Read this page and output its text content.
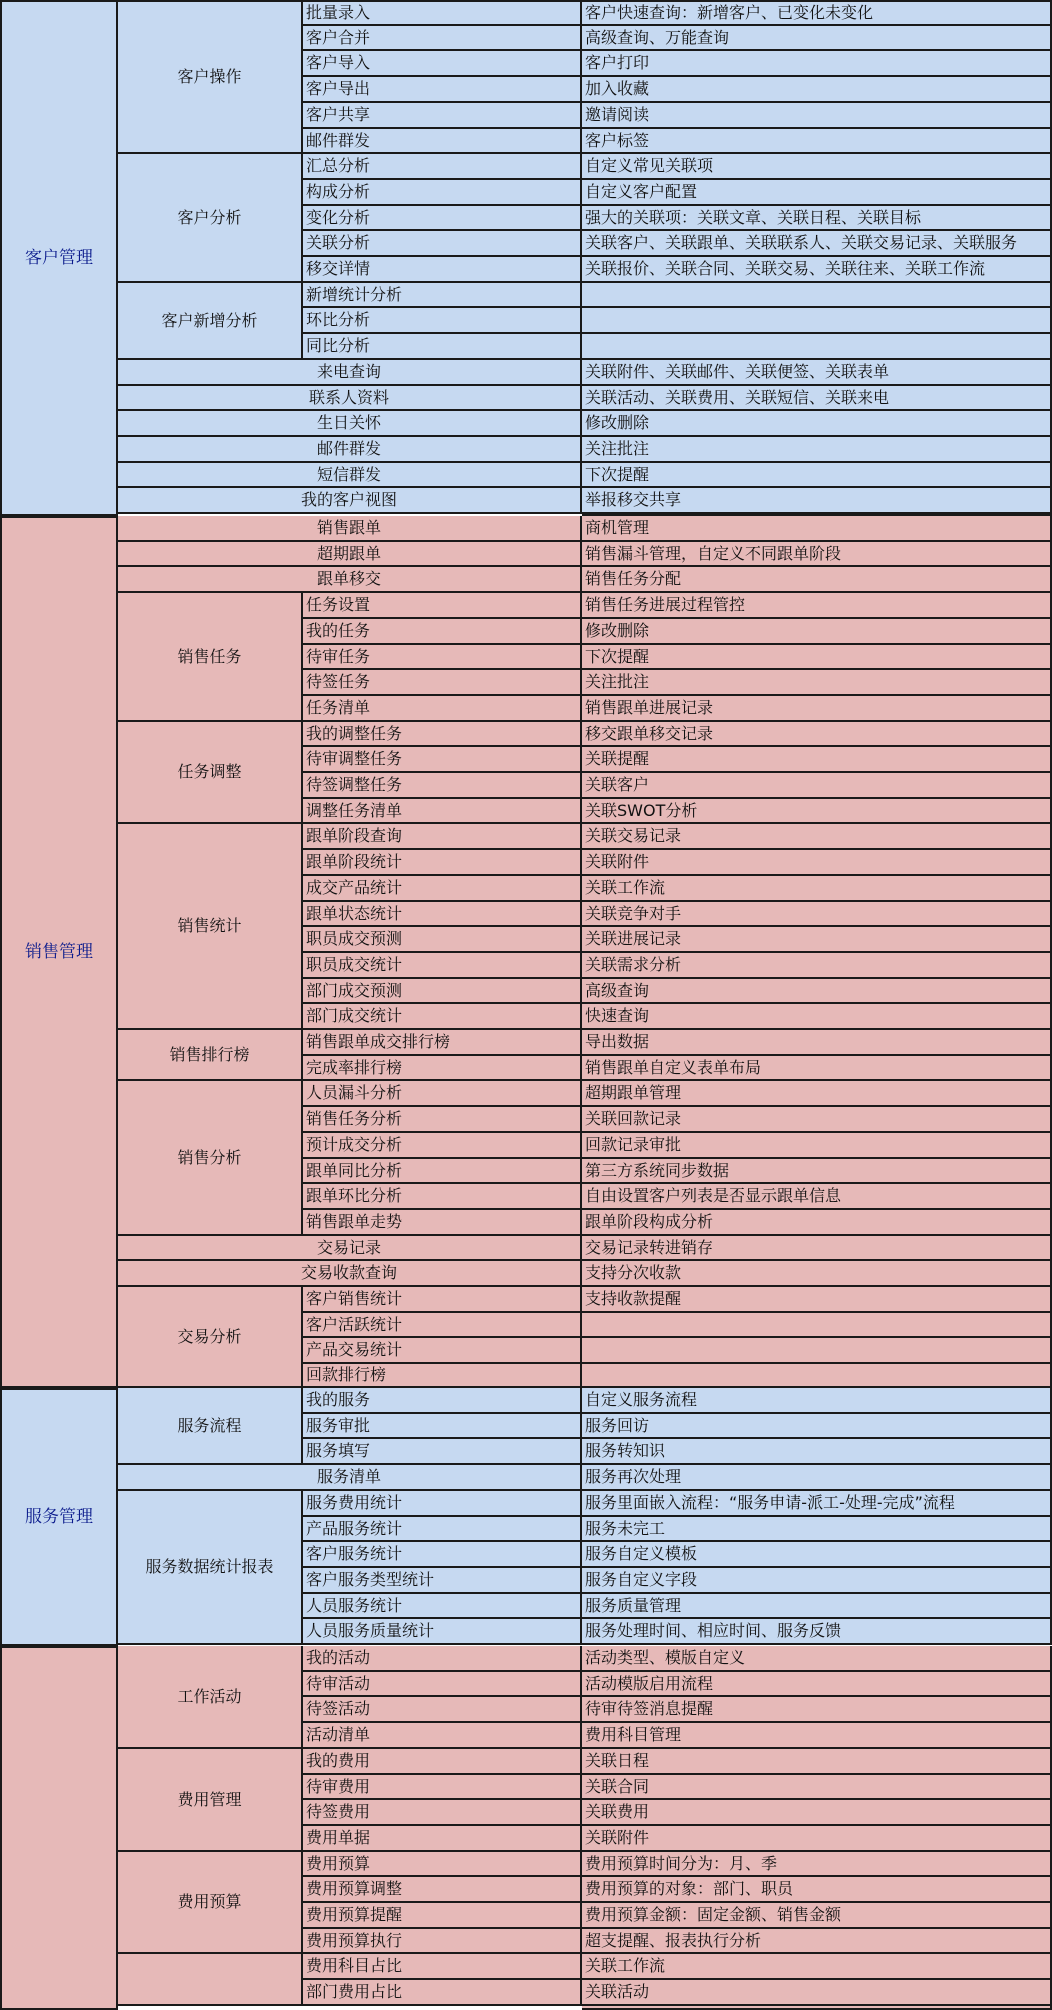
客户管理
客户操作
批量录入
客户合并
客户导入
客户导出
客户共享
邮件群发
客户分析
汇总分析
构成分析
变化分析
关联分析
移交详情
客户新增分析
新增统计分析
环比分析
同比分析
来电查询
联系人资料
生日关怀
邮件群发
短信群发
我的客户视图
客户快速查询：新增客户、已变化未变化
高级查询、万能查询
客户打印
加入收藏
邀请阅读
客户标签
自定义常见关联项
自定义客户配置
强大的关联项：关联文章、关联日程、关联目标
关联客户、关联跟单、关联联系人、关联交易记录、关联服务
关联报价、关联合同、关联交易、关联往来、关联工作流
关联附件、关联邮件、关联便签、关联表单
关联活动、关联费用、关联短信、关联来电
修改删除
关注批注
下次提醒
举报移交共享
销售管理
销售跟单
超期跟单
跟单移交
销售任务
任务设置
我的任务
待审任务
待签任务
任务清单
任务调整
我的调整任务
待审调整任务
待签调整任务
调整任务清单
销售统计
跟单阶段查询
跟单阶段统计
成交产品统计
跟单状态统计
职员成交预测
职员成交统计
部门成交预测
部门成交统计
销售排行榜
销售跟单成交排行榜
完成率排行榜
销售分析
人员漏斗分析
销售任务分析
预计成交分析
跟单同比分析
跟单环比分析
销售跟单走势
交易记录
交易收款查询
交易分析
客户销售统计
客户活跃统计
产品交易统计
回款排行榜
商机管理
销售漏斗管理，自定义不同跟单阶段
销售任务分配
销售任务进展过程管控
修改删除
下次提醒
关注批注
销售跟单进展记录
移交跟单移交记录
关联提醒
关联客户
关联SWOT分析
关联交易记录
关联附件
关联工作流
关联竞争对手
关联进展记录
关联需求分析
高级查询
快速查询
导出数据
销售跟单自定义表单布局
超期跟单管理
关联回款记录
回款记录审批
第三方系统同步数据
自由设置客户列表是否显示跟单信息
跟单阶段构成分析
交易记录转进销存
支持分次收款
支持收款提醒
服务管理
服务流程
我的服务
服务审批
服务填写
服务清单
服务数据统计报表
服务费用统计
产品服务统计
客户服务统计
客户服务类型统计
人员服务统计
人员服务质量统计
自定义服务流程
服务回访
服务转知识
服务再次处理
服务里面嵌入流程：“服务申请-派工-处理-完成”流程
服务未完工
服务自定义模板
服务自定义字段
服务质量管理
服务处理时间、相应时间、服务反馈
工作活动
我的活动
待审活动
待签活动
活动清单
费用管理
我的费用
待审费用
待签费用
费用单据
费用预算
费用预算
费用预算调整
费用预算提醒
费用预算执行
费用科目占比
部门费用占比
活动类型、模版自定义
活动模版启用流程
待审待签消息提醒
费用科目管理
关联日程
关联合同
关联费用
关联附件
费用预算时间分为：月、季
费用预算的对象：部门、职员
费用预算金额：固定金额、销售金额
超支提醒、报表执行分析
关联工作流
关联活动
